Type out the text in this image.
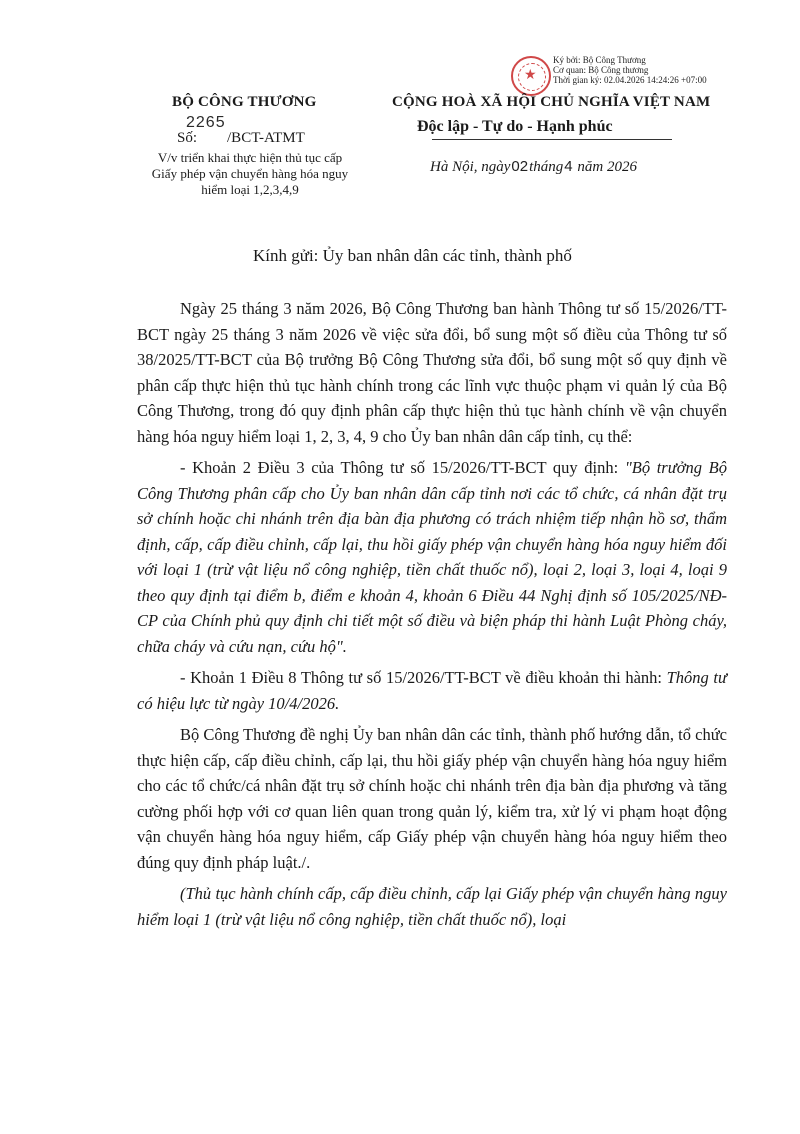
★
Ký bởi: Bộ Công Thương
Cơ quan: Bộ Công thương
Thời gian ký: 02.04.2026 14:24:26 +07:00
BỘ CÔNG THƯƠNG	CỘNG HOÀ XÃ HỘI CHỦ NGHĨA VIỆT NAM
Độc lập - Tự do - Hạnh phúc
2265
Số: /BCT-ATMT
V/v triển khai thực hiện thủ tục cấp Giấy phép vận chuyển hàng hóa nguy hiểm loại 1,2,3,4,9
Hà Nội, ngày02tháng4 năm 2026
Kính gửi: Ủy ban nhân dân các tỉnh, thành phố

Ngày 25 tháng 3 năm 2026, Bộ Công Thương ban hành Thông tư số 15/2026/TT-BCT ngày 25 tháng 3 năm 2026 về việc sửa đổi, bổ sung một số điều của Thông tư số 38/2025/TT-BCT của Bộ trưởng Bộ Công Thương sửa đổi, bổ sung một số quy định về phân cấp thực hiện thủ tục hành chính trong các lĩnh vực thuộc phạm vi quản lý của Bộ Công Thương, trong đó quy định phân cấp thực hiện thủ tục hành chính về vận chuyển hàng hóa nguy hiểm loại 1, 2, 3, 4, 9 cho Ủy ban nhân dân cấp tỉnh, cụ thể:

- Khoản 2 Điều 3 của Thông tư số 15/2026/TT-BCT quy định: "Bộ trưởng Bộ Công Thương phân cấp cho Ủy ban nhân dân cấp tỉnh nơi các tổ chức, cá nhân đặt trụ sở chính hoặc chi nhánh trên địa bàn địa phương có trách nhiệm tiếp nhận hồ sơ, thẩm định, cấp, cấp điều chỉnh, cấp lại, thu hồi giấy phép vận chuyển hàng hóa nguy hiểm đối với loại 1 (trừ vật liệu nổ công nghiệp, tiền chất thuốc nổ), loại 2, loại 3, loại 4, loại 9 theo quy định tại điểm b, điểm e khoản 4, khoản 6 Điều 44 Nghị định số 105/2025/NĐ-CP của Chính phủ quy định chi tiết một số điều và biện pháp thi hành Luật Phòng cháy, chữa cháy và cứu nạn, cứu hộ".

- Khoản 1 Điều 8 Thông tư số 15/2026/TT-BCT về điều khoản thi hành: Thông tư có hiệu lực từ ngày 10/4/2026.

Bộ Công Thương đề nghị Ủy ban nhân dân các tỉnh, thành phố hướng dẫn, tổ chức thực hiện cấp, cấp điều chỉnh, cấp lại, thu hồi giấy phép vận chuyển hàng hóa nguy hiểm cho các tổ chức/cá nhân đặt trụ sở chính hoặc chi nhánh trên địa bàn địa phương và tăng cường phối hợp với cơ quan liên quan trong quản lý, kiểm tra, xử lý vi phạm hoạt động vận chuyển hàng hóa nguy hiểm, cấp Giấy phép vận chuyển hàng hóa nguy hiểm theo đúng quy định pháp luật./.

(Thủ tục hành chính cấp, cấp điều chỉnh, cấp lại Giấy phép vận chuyển hàng nguy hiểm loại 1 (trừ vật liệu nổ công nghiệp, tiền chất thuốc nổ), loại
